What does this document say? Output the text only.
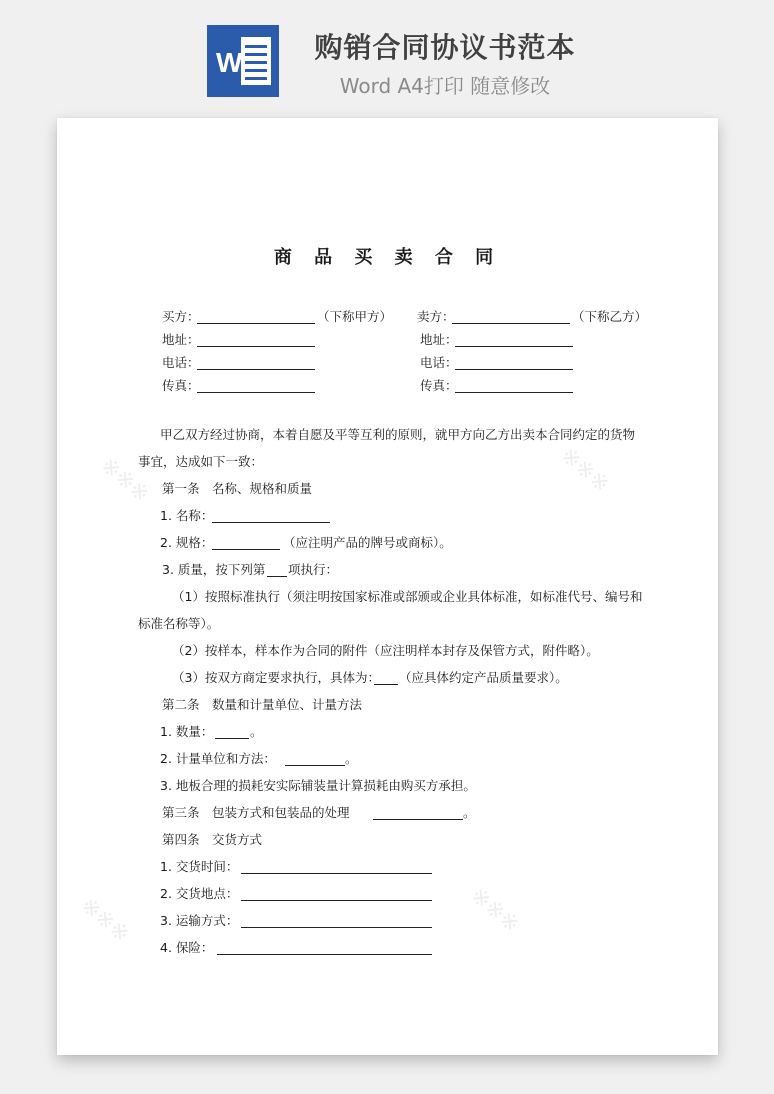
W	购销合同协议书范本
Word A4打印 随意修改
※※※	※※※
※※※	※※※
商 品 买 卖 合 同
买方：	（下称甲方） 卖方：	（下称乙方）
地址：	地址：
电话：	电话：
传真：	传真：
甲乙双方经过协商，本着自愿及平等互利的原则，就甲方向乙方出卖本合同约定的货物
事宜，达成如下一致：
第一条　名称、规格和质量
1. 名称：
2. 规格：	（应注明产品的牌号或商标）。
3. 质量，按下列第 项执行：
（1）按照标准执行（须注明按国家标准或部颁或企业具体标准，如标准代号、编号和
标准名称等）。
（2）按样本，样本作为合同的附件（应注明样本封存及保管方式，附件略）。
（3）按双方商定要求执行，具体为： （应具体约定产品质量要求）。
第二条　数量和计量单位、计量方法
1. 数量：	。
2. 计量单位和方法：	。
3. 地板合理的损耗安实际铺装量计算损耗由购买方承担。
第三条　包装方式和包装品的处理	。
第四条　交货方式
1. 交货时间：
2. 交货地点：
3. 运输方式：
4. 保险：
